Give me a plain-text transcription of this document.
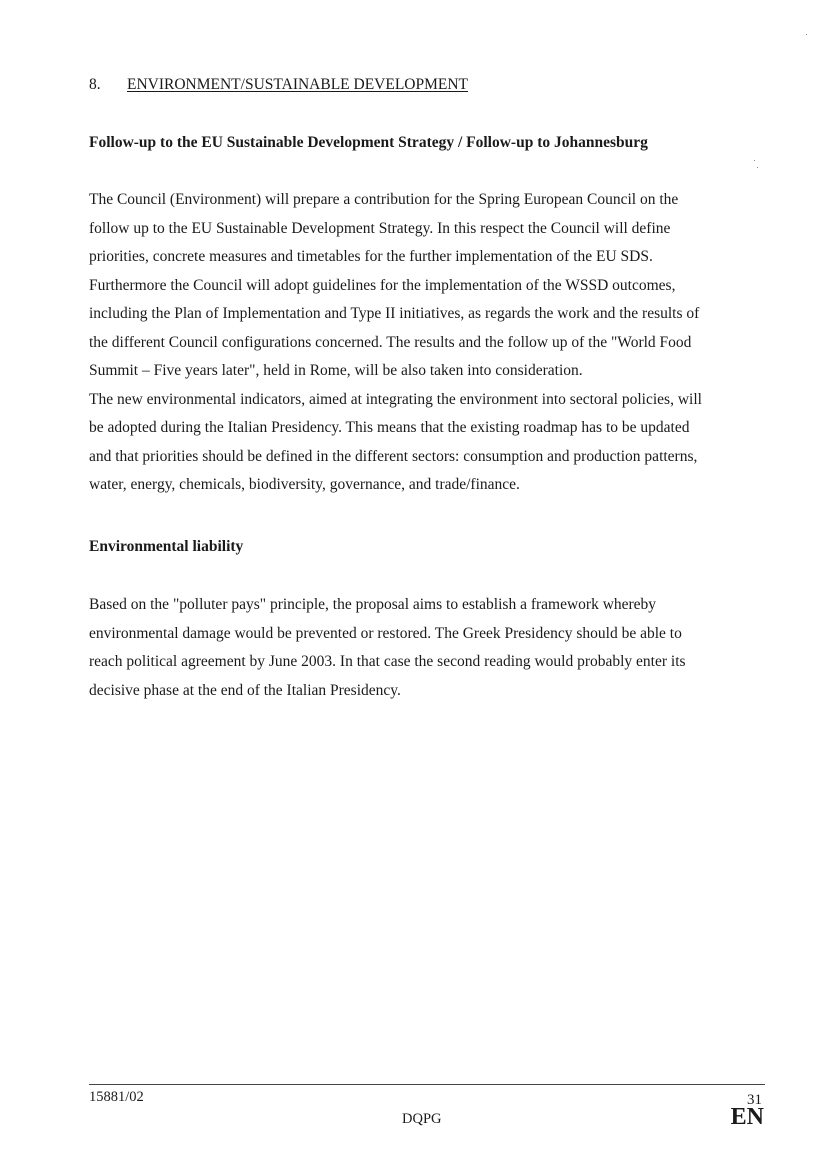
8. ENVIRONMENT/SUSTAINABLE DEVELOPMENT
Follow-up to the EU Sustainable Development Strategy / Follow-up to Johannesburg
The Council (Environment) will prepare a contribution for the Spring European Council on the
follow up to the EU Sustainable Development Strategy. In this respect the Council will define
priorities, concrete measures and timetables for the further implementation of the EU SDS.
Furthermore the Council will adopt guidelines for the implementation of the WSSD outcomes,
including the Plan of Implementation and Type II initiatives, as regards the work and the results of
the different Council configurations concerned. The results and the follow up of the "World Food
Summit – Five years later", held in Rome, will be also taken into consideration.
The new environmental indicators, aimed at integrating the environment into sectoral policies, will
be adopted during the Italian Presidency. This means that the existing roadmap has to be updated
and that priorities should be defined in the different sectors: consumption and production patterns,
water, energy, chemicals, biodiversity, governance, and trade/finance.
Environmental liability
Based on the "polluter pays" principle, the proposal aims to establish a framework whereby
environmental damage would be prevented or restored. The Greek Presidency should be able to
reach political agreement by June 2003. In that case the second reading would probably enter its
decisive phase at the end of the Italian Presidency.
15881/02	31
DQPG	EN
